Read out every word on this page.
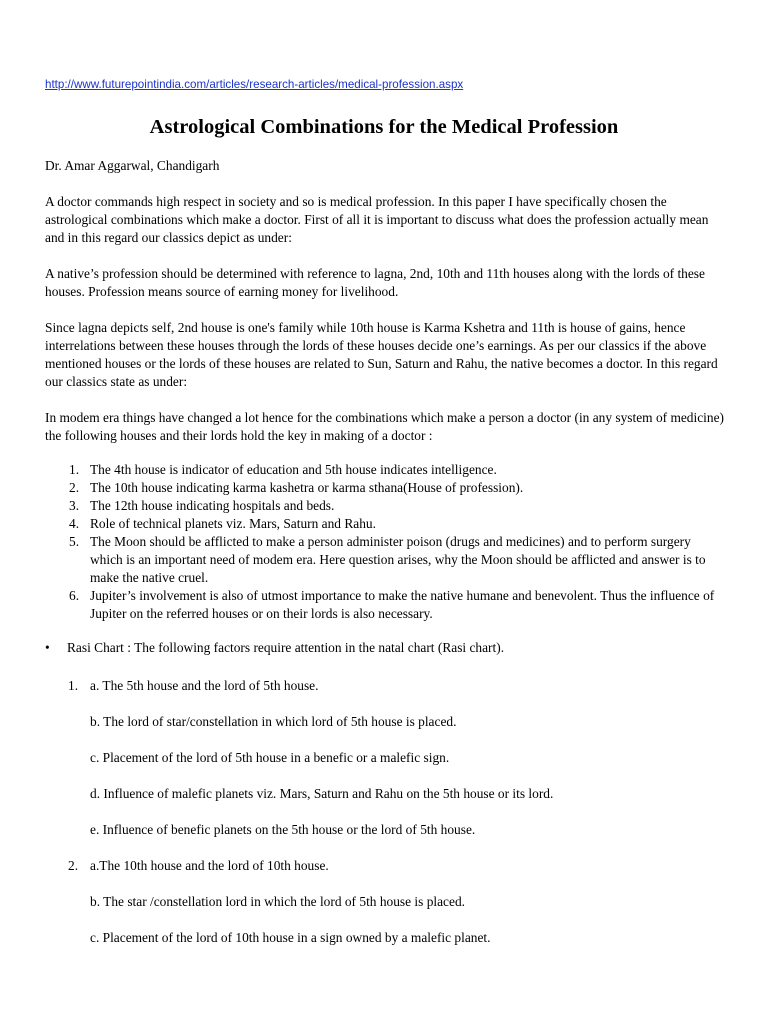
http://www.futurepointindia.com/articles/research-articles/medical-profession.aspx
Astrological Combinations for the Medical Profession

Dr. Amar Aggarwal, Chandigarh

A doctor commands high respect in society and so is medical profession. In this paper I have specifically chosen the astrological combinations which make a doctor. First of all it is important to discuss what does the profession actually mean and in this regard our classics depict as under:

A native’s profession should be determined with reference to lagna, 2nd, 10th and 11th houses along with the lords of these houses. Profession means source of earning money for livelihood.

Since lagna depicts self, 2nd house is one's family while 10th house is Karma Kshetra and 11th is house of gains, hence interrelations between these houses through the lords of these houses decide one’s earnings. As per our classics if the above mentioned houses or the lords of these houses are related to Sun, Saturn and Rahu, the native becomes a doctor. In this regard our classics state as under:

In modem era things have changed a lot hence for the combinations which make a person a doctor (in any system of medicine) the following houses and their lords hold the key in making of a doctor :

1. The 4th house is indicator of education and 5th house indicates intelligence.
2. The 10th house indicating karma kashetra or karma sthana(House of profession).
3. The 12th house indicating hospitals and beds.
4. Role of technical planets viz. Mars, Saturn and Rahu.
5. The Moon should be afflicted to make a person administer poison (drugs and medicines) and to perform surgery which is an important need of modem era. Here question arises, why the Moon should be afflicted and answer is to make the native cruel.
6. Jupiter’s involvement is also of utmost importance to make the native humane and benevolent. Thus the influence of Jupiter on the referred houses or on their lords is also necessary.
• Rasi Chart : The following factors require attention in the natal chart (Rasi chart).
1. a. The 5th house and the lord of 5th house.
b. The lord of star/constellation in which lord of 5th house is placed.
c. Placement of the lord of 5th house in a benefic or a malefic sign.
d. Influence of malefic planets viz. Mars, Saturn and Rahu on the 5th house or its lord.
e. Influence of benefic planets on the 5th house or the lord of 5th house.
2. a.The 10th house and the lord of 10th house.
b. The star /constellation lord in which the lord of 5th house is placed.
c. Placement of the lord of 10th house in a sign owned by a malefic planet.
